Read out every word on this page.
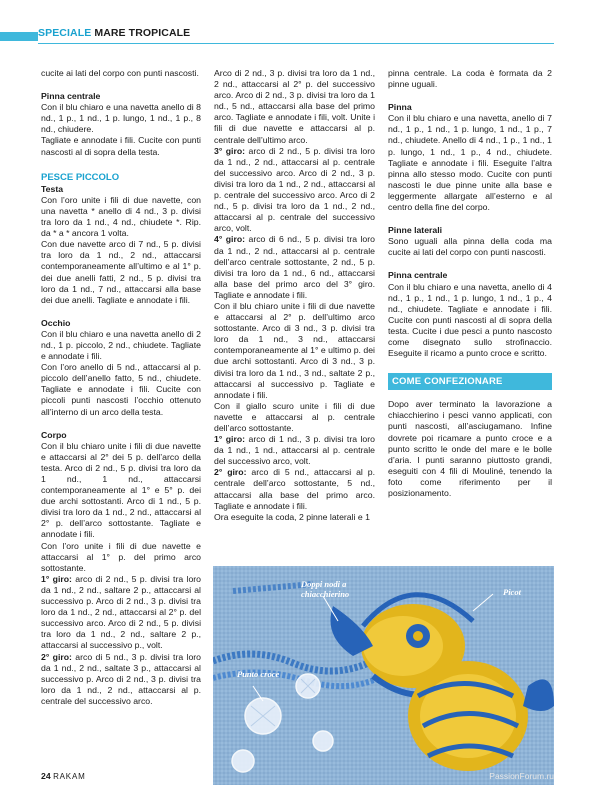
SPECIALE MARE TROPICALE

cucite ai lati del corpo con punti nascosti.

Pinna centrale

Con il blu chiaro e una navetta anello di 8 nd., 1 p., 1 nd., 1 p. lungo, 1 nd., 1 p., 8 nd., chiudere.

Tagliate e annodate i fili. Cucite con punti nascosti al di sopra della testa.

PESCE PICCOLO

Testa

Con l’oro unite i fili di due navette, con una navetta * anello di 4 nd., 3 p. divisi tra loro da 1 nd., 4 nd., chiudete *. Rip. da * a * ancora 1 volta.

Con due navette arco di 7 nd., 5 p. divisi tra loro da 1 nd., 2 nd., attaccarsi contemporaneamente all’ultimo e al 1° p. dei due anelli fatti, 2 nd., 5 p. divisi tra loro da 1 nd., 7 nd., attaccarsi alla base dei due anelli. Tagliate e annodate i fili.

Occhio

Con il blu chiaro e una navetta anello di 2 nd., 1 p. piccolo, 2 nd., chiudete. Tagliate e annodate i fili.

Con l’oro anello di 5 nd., attaccarsi al p. piccolo dell’anello fatto, 5 nd., chiudete. Tagliate e annodate i fili. Cucite con piccoli punti nascosti l’occhio ottenuto all’interno di un arco della testa.

Corpo

Con il blu chiaro unite i fili di due navette e attaccarsi al 2° dei 5 p. dell’arco della testa. Arco di 2 nd., 5 p. divisi tra loro da 1 nd., 1 nd., attaccarsi contemporaneamente al 1° e 5° p. dei due archi sottostanti. Arco di 1 nd., 5 p. divisi tra loro da 1 nd., 2 nd., attaccarsi al 2° p. dell’arco sottostante. Tagliate e annodate i fili.

Con l’oro unite i fili di due navette e attaccarsi al 1° p. del primo arco sottostante.

1° giro: arco di 2 nd., 5 p. divisi tra loro da 1 nd., 2 nd., saltare 2 p., attaccarsi al successivo p. Arco di 2 nd., 3 p. divisi tra loro da 1 nd., 2 nd., attaccarsi al 2° p. del successivo arco. Arco di 2 nd., 5 p. divisi tra loro da 1 nd., 2 nd., saltare 2 p., attaccarsi al successivo p., volt.

2° giro: arco di 5 nd., 3 p. divisi tra loro da 1 nd., 2 nd., saltate 3 p., attaccarsi al successivo p. Arco di 2 nd., 3 p. divisi tra loro da 1 nd., 2 nd., attaccarsi al p. centrale del successivo arco.

Arco di 2 nd., 3 p. divisi tra loro da 1 nd., 2 nd., attaccarsi al 2° p. del successivo arco. Arco di 2 nd., 3 p. divisi tra loro da 1 nd., 5 nd., attaccarsi alla base del primo arco. Tagliate e annodate i fili, volt. Unite i fili di due navette e attaccarsi al p. centrale dell’ultimo arco.

3° giro: arco di 2 nd., 5 p. divisi tra loro da 1 nd., 2 nd., attaccarsi al p. centrale del successivo arco. Arco di 2 nd., 3 p. divisi tra loro da 1 nd., 2 nd., attaccarsi al p. centrale del successivo arco. Arco di 2 nd., 5 p. divisi tra loro da 1 nd., 2 nd., attaccarsi al p. centrale del successivo arco, volt.

4° giro: arco di 6 nd., 5 p. divisi tra loro da 1 nd., 2 nd., attaccarsi al p. centrale dell’arco centrale sottostante, 2 nd., 5 p. divisi tra loro da 1 nd., 6 nd., attaccarsi alla base del primo arco del 3° giro. Tagliate e annodate i fili.

Con il blu chiaro unite i fili di due navette e attaccarsi al 2° p. dell’ultimo arco sottostante. Arco di 3 nd., 3 p. divisi tra loro da 1 nd., 3 nd., attaccarsi contemporaneamente al 1° e ultimo p. dei due archi sottostanti. Arco di 3 nd., 3 p. divisi tra loro da 1 nd., 3 nd., saltate 2 p., attaccarsi al successivo p. Tagliate e annodate i fili.

Con il giallo scuro unite i fili di due navette e attaccarsi al p. centrale dell’arco sottostante.

1° giro: arco di 1 nd., 3 p. divisi tra loro da 1 nd., 1 nd., attaccarsi al p. centrale del successivo arco, volt.

2° giro: arco di 5 nd., attaccarsi al p. centrale dell’arco sottostante, 5 nd., attaccarsi alla base del primo arco. Tagliate e annodate i fili.

Ora eseguite la coda, 2 pinne laterali e 1

pinna centrale. La coda è formata da 2 pinne uguali.

Pinna

Con il blu chiaro e una navetta, anello di 7 nd., 1 p., 1 nd., 1 p. lungo, 1 nd., 1 p., 7 nd., chiudete. Anello di 4 nd., 1 p., 1 nd., 1 p. lungo, 1 nd., 1 p., 4 nd., chiudete. Tagliate e annodate i fili. Eseguite l’altra pinna allo stesso modo. Cucite con punti nascosti le due pinne unite alla base e leggermente allargate all’esterno e al centro della fine del corpo.

Pinne laterali

Sono uguali alla pinna della coda ma cucite ai lati del corpo con punti nascosti.

Pinna centrale

Con il blu chiaro e una navetta, anello di 4 nd., 1 p., 1 nd., 1 p. lungo, 1 nd., 1 p., 4 nd., chiudete. Tagliate e annodate i fili. Cucite con punti nascosti al di sopra della testa. Cucite i due pesci a punto nascosto come disegnato sullo strofinaccio. Eseguite il ricamo a punto croce e scritto.

COME CONFEZIONARE

Dopo aver terminato la lavorazione a chiacchierino i pesci vanno applicati, con punti nascosti, all’asciugamano. Infine dovrete poi ricamare a punto croce e a punto scritto le onde del mare e le bolle d’aria. I punti saranno piuttosto grandi, eseguiti con 4 fili di Mouliné, tenendo la foto come riferimento per il posizionamento.

Doppi nodi a chiacchierino	Picot
Punto croce
24 RAKAM	PassionForum.ru
